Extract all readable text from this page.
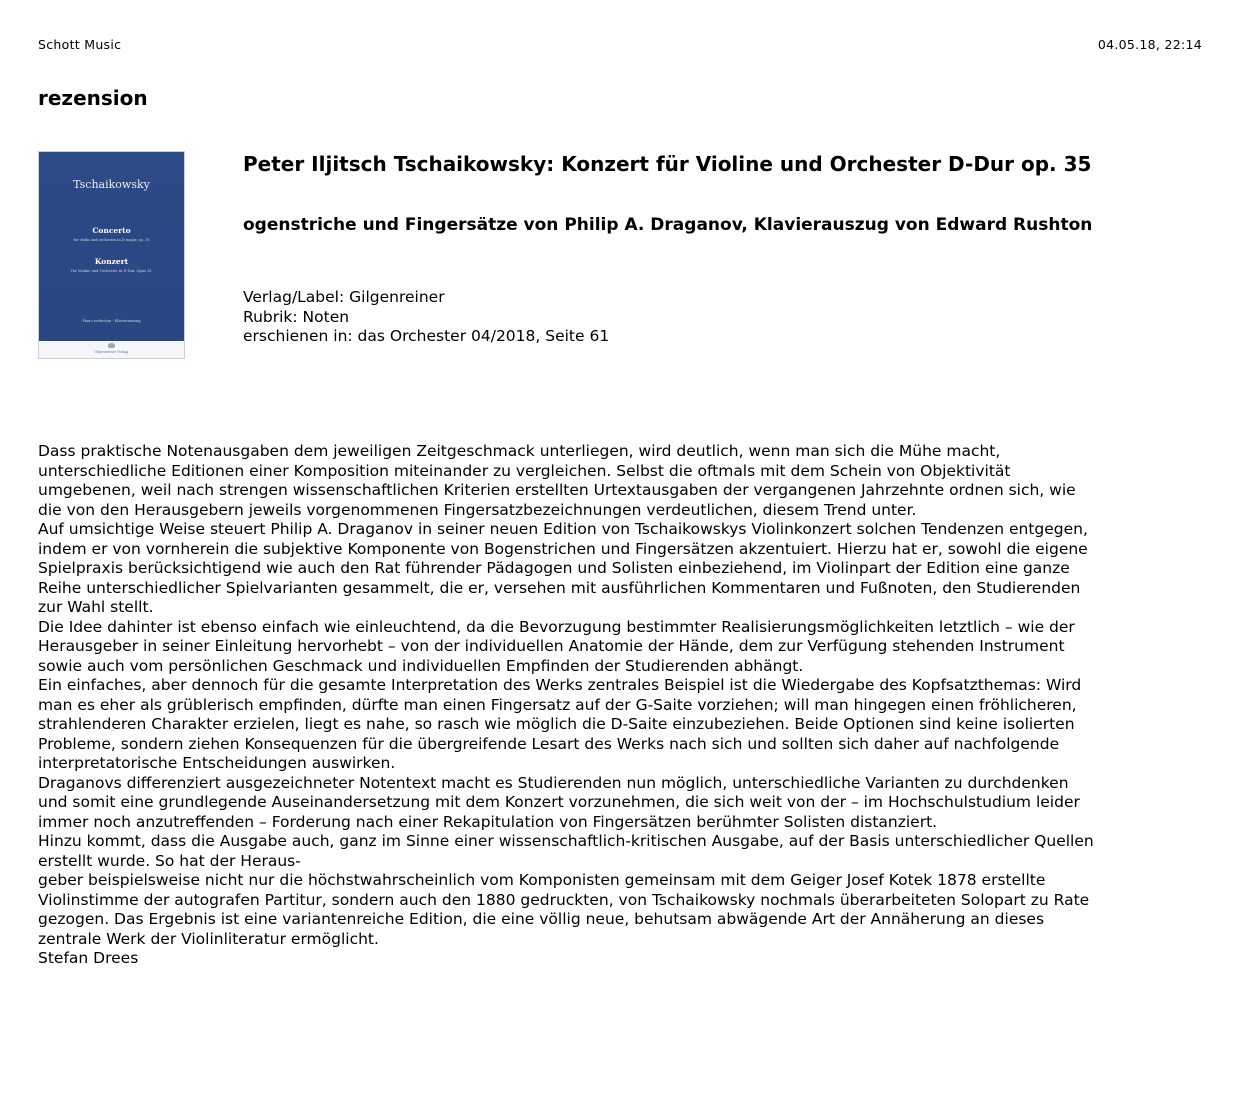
Schott Music	04.05.18, 22:14
rezension
Tschaikowsky
Concerto
for violin and orchestra in D major, op. 35
Konzert
für Violine und Orchester in D-Dur, Opus 35
Piano reduction · Klavierauszug
Gilgenreiner Verlag
Peter Iljitsch Tschaikowsky: Konzert für Violine und Orchester D-Dur op. 35
ogenstriche und Fingersätze von Philip A. Draganov, Klavierauszug von Edward Rushton
Verlag/Label: Gilgenreiner
Rubrik: Noten
erschienen in: das Orchester 04/2018, Seite 61

Dass praktische Notenausgaben dem jeweiligen Zeitgeschmack unterliegen, wird deutlich, wenn man sich die Mühe macht, unterschiedliche Editionen einer Komposition miteinander zu vergleichen. Selbst die oftmals mit dem Schein von Objektivität umgebenen, weil nach strengen wissenschaftlichen Kriterien erstellten Urtextausgaben der vergangenen Jahrzehnte ordnen sich, wie die von den Herausgebern jeweils vorgenommenen Fingersatzbezeichnungen verdeutlichen, diesem Trend unter.

Auf umsichtige Weise steuert Philip A. Draganov in seiner neuen Edition von Tschaikowskys Violinkonzert solchen Tendenzen entgegen, indem er von vornherein die subjektive Komponente von Bogenstrichen und Fingersätzen akzentuiert. Hierzu hat er, sowohl die eigene Spielpraxis berücksichtigend wie auch den Rat führender Pädagogen und Solisten einbeziehend, im Violinpart der Edition eine ganze Reihe unterschiedlicher Spielvarianten gesammelt, die er, versehen mit ausführlichen Kommentaren und Fußnoten, den Studierenden zur Wahl stellt.

Die Idee dahinter ist ebenso einfach wie einleuchtend, da die Bevorzugung bestimmter Realisierungsmöglichkeiten letztlich – wie der Herausgeber in seiner Einleitung hervorhebt – von der individuellen Anatomie der Hände, dem zur Verfügung stehenden Instrument sowie auch vom persönlichen Geschmack und individuellen Empfinden der Studierenden abhängt.

Ein einfaches, aber dennoch für die gesamte Interpretation des Werks zentrales Beispiel ist die Wiedergabe des Kopfsatzthemas: Wird man es eher als grüblerisch empfinden, dürfte man einen Fingersatz auf der G-Saite vorziehen; will man hingegen einen fröhlicheren, strahlenderen Charakter erzielen, liegt es nahe, so rasch wie möglich die D-Saite einzubeziehen. Beide Optionen sind keine isolierten Probleme, sondern ziehen Konsequenzen für die übergreifende Lesart des Werks nach sich und sollten sich daher auf nachfolgende interpretatorische Entscheidungen auswirken.

Draganovs differenziert ausgezeichneter Notentext macht es Studierenden nun möglich, unterschiedliche Varianten zu durchdenken und somit eine grundlegende Auseinandersetzung mit dem Konzert vorzunehmen, die sich weit von der – im Hochschulstudium leider immer noch anzutreffenden – Forderung nach einer Rekapitulation von Fingersätzen berühmter Solisten distanziert.

Hinzu kommt, dass die Ausgabe auch, ganz im Sinne einer wissenschaftlich-kritischen Ausgabe, auf der Basis unterschiedlicher Quellen erstellt wurde. So hat der Heraus-

geber beispielsweise nicht nur die höchstwahrscheinlich vom Komponisten gemeinsam mit dem Geiger Josef Kotek 1878 erstellte Violinstimme der autografen Partitur, sondern auch den 1880 gedruckten, von Tschaikowsky nochmals überarbeiteten Solopart zu Rate gezogen. Das Ergebnis ist eine variantenreiche Edition, die eine völlig neue, behutsam abwägende Art der Annäherung an dieses zentrale Werk der Violinliteratur ermöglicht.

Stefan Drees
